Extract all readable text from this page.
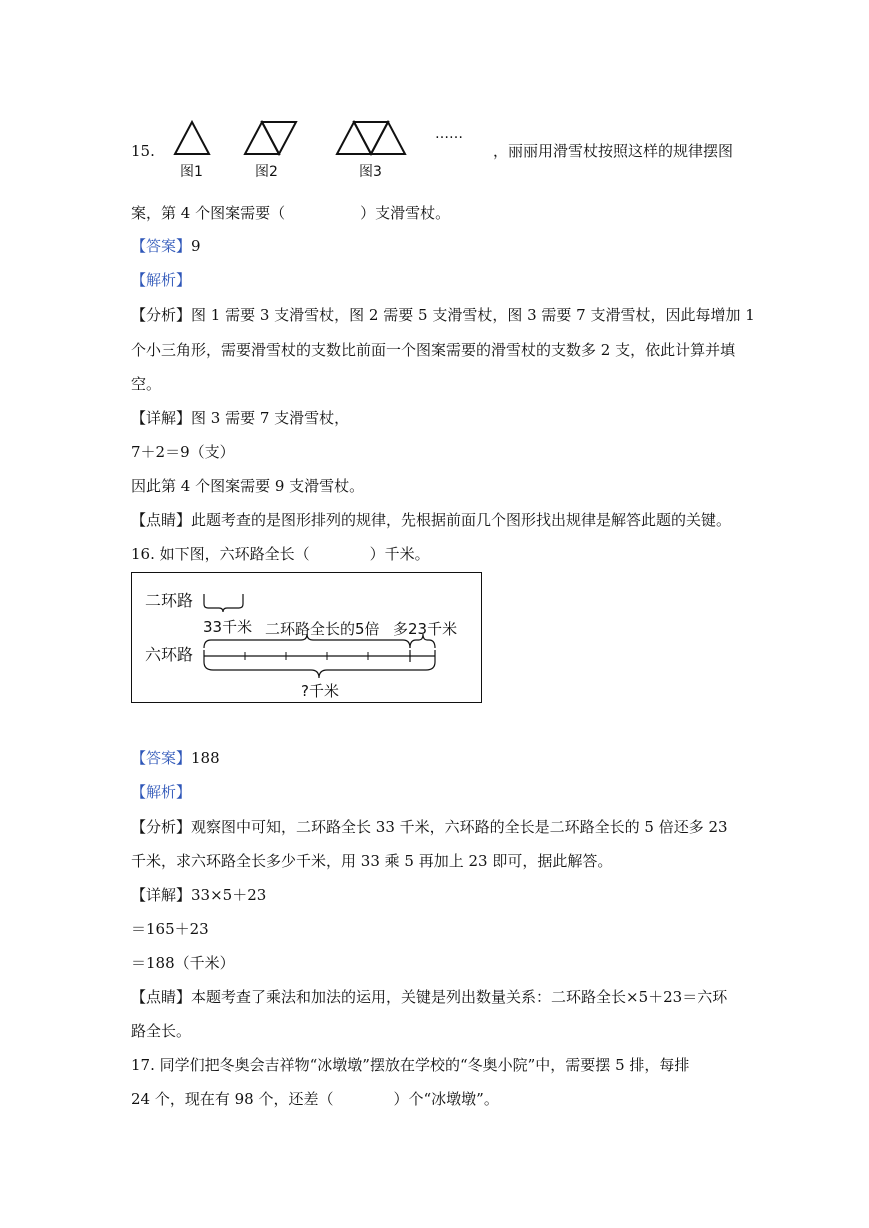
15.
图1	图2	图3
……
，丽丽用滑雪杖按照这样的规律摆图
案，第 4 个图案需要（　　　　　）支滑雪杖。
【答案】9
【解析】
【分析】图 1 需要 3 支滑雪杖，图 2 需要 5 支滑雪杖，图 3 需要 7 支滑雪杖，因此每增加 1
个小三角形，需要滑雪杖的支数比前面一个图案需要的滑雪杖的支数多 2 支，依此计算并填
空。
【详解】图 3 需要 7 支滑雪杖，
7＋2＝9（支）
因此第 4 个图案需要 9 支滑雪杖。
【点睛】此题考查的是图形排列的规律，先根据前面几个图形找出规律是解答此题的关键。
16. 如下图，六环路全长（　　　　）千米。
二环路
33千米 二环路全长的5倍 多23千米
六环路
?千米
【答案】188
【解析】
【分析】观察图中可知，二环路全长 33 千米，六环路的全长是二环路全长的 5 倍还多 23
千米，求六环路全长多少千米，用 33 乘 5 再加上 23 即可，据此解答。
【详解】33×5＋23
＝165＋23
＝188（千米）
【点睛】本题考查了乘法和加法的运用，关键是列出数量关系：二环路全长×5＋23＝六环
路全长。
17. 同学们把冬奥会吉祥物“冰墩墩”摆放在学校的“冬奥小院”中，需要摆 5 排，每排
24 个，现在有 98 个，还差（　　　　）个“冰墩墩”。
